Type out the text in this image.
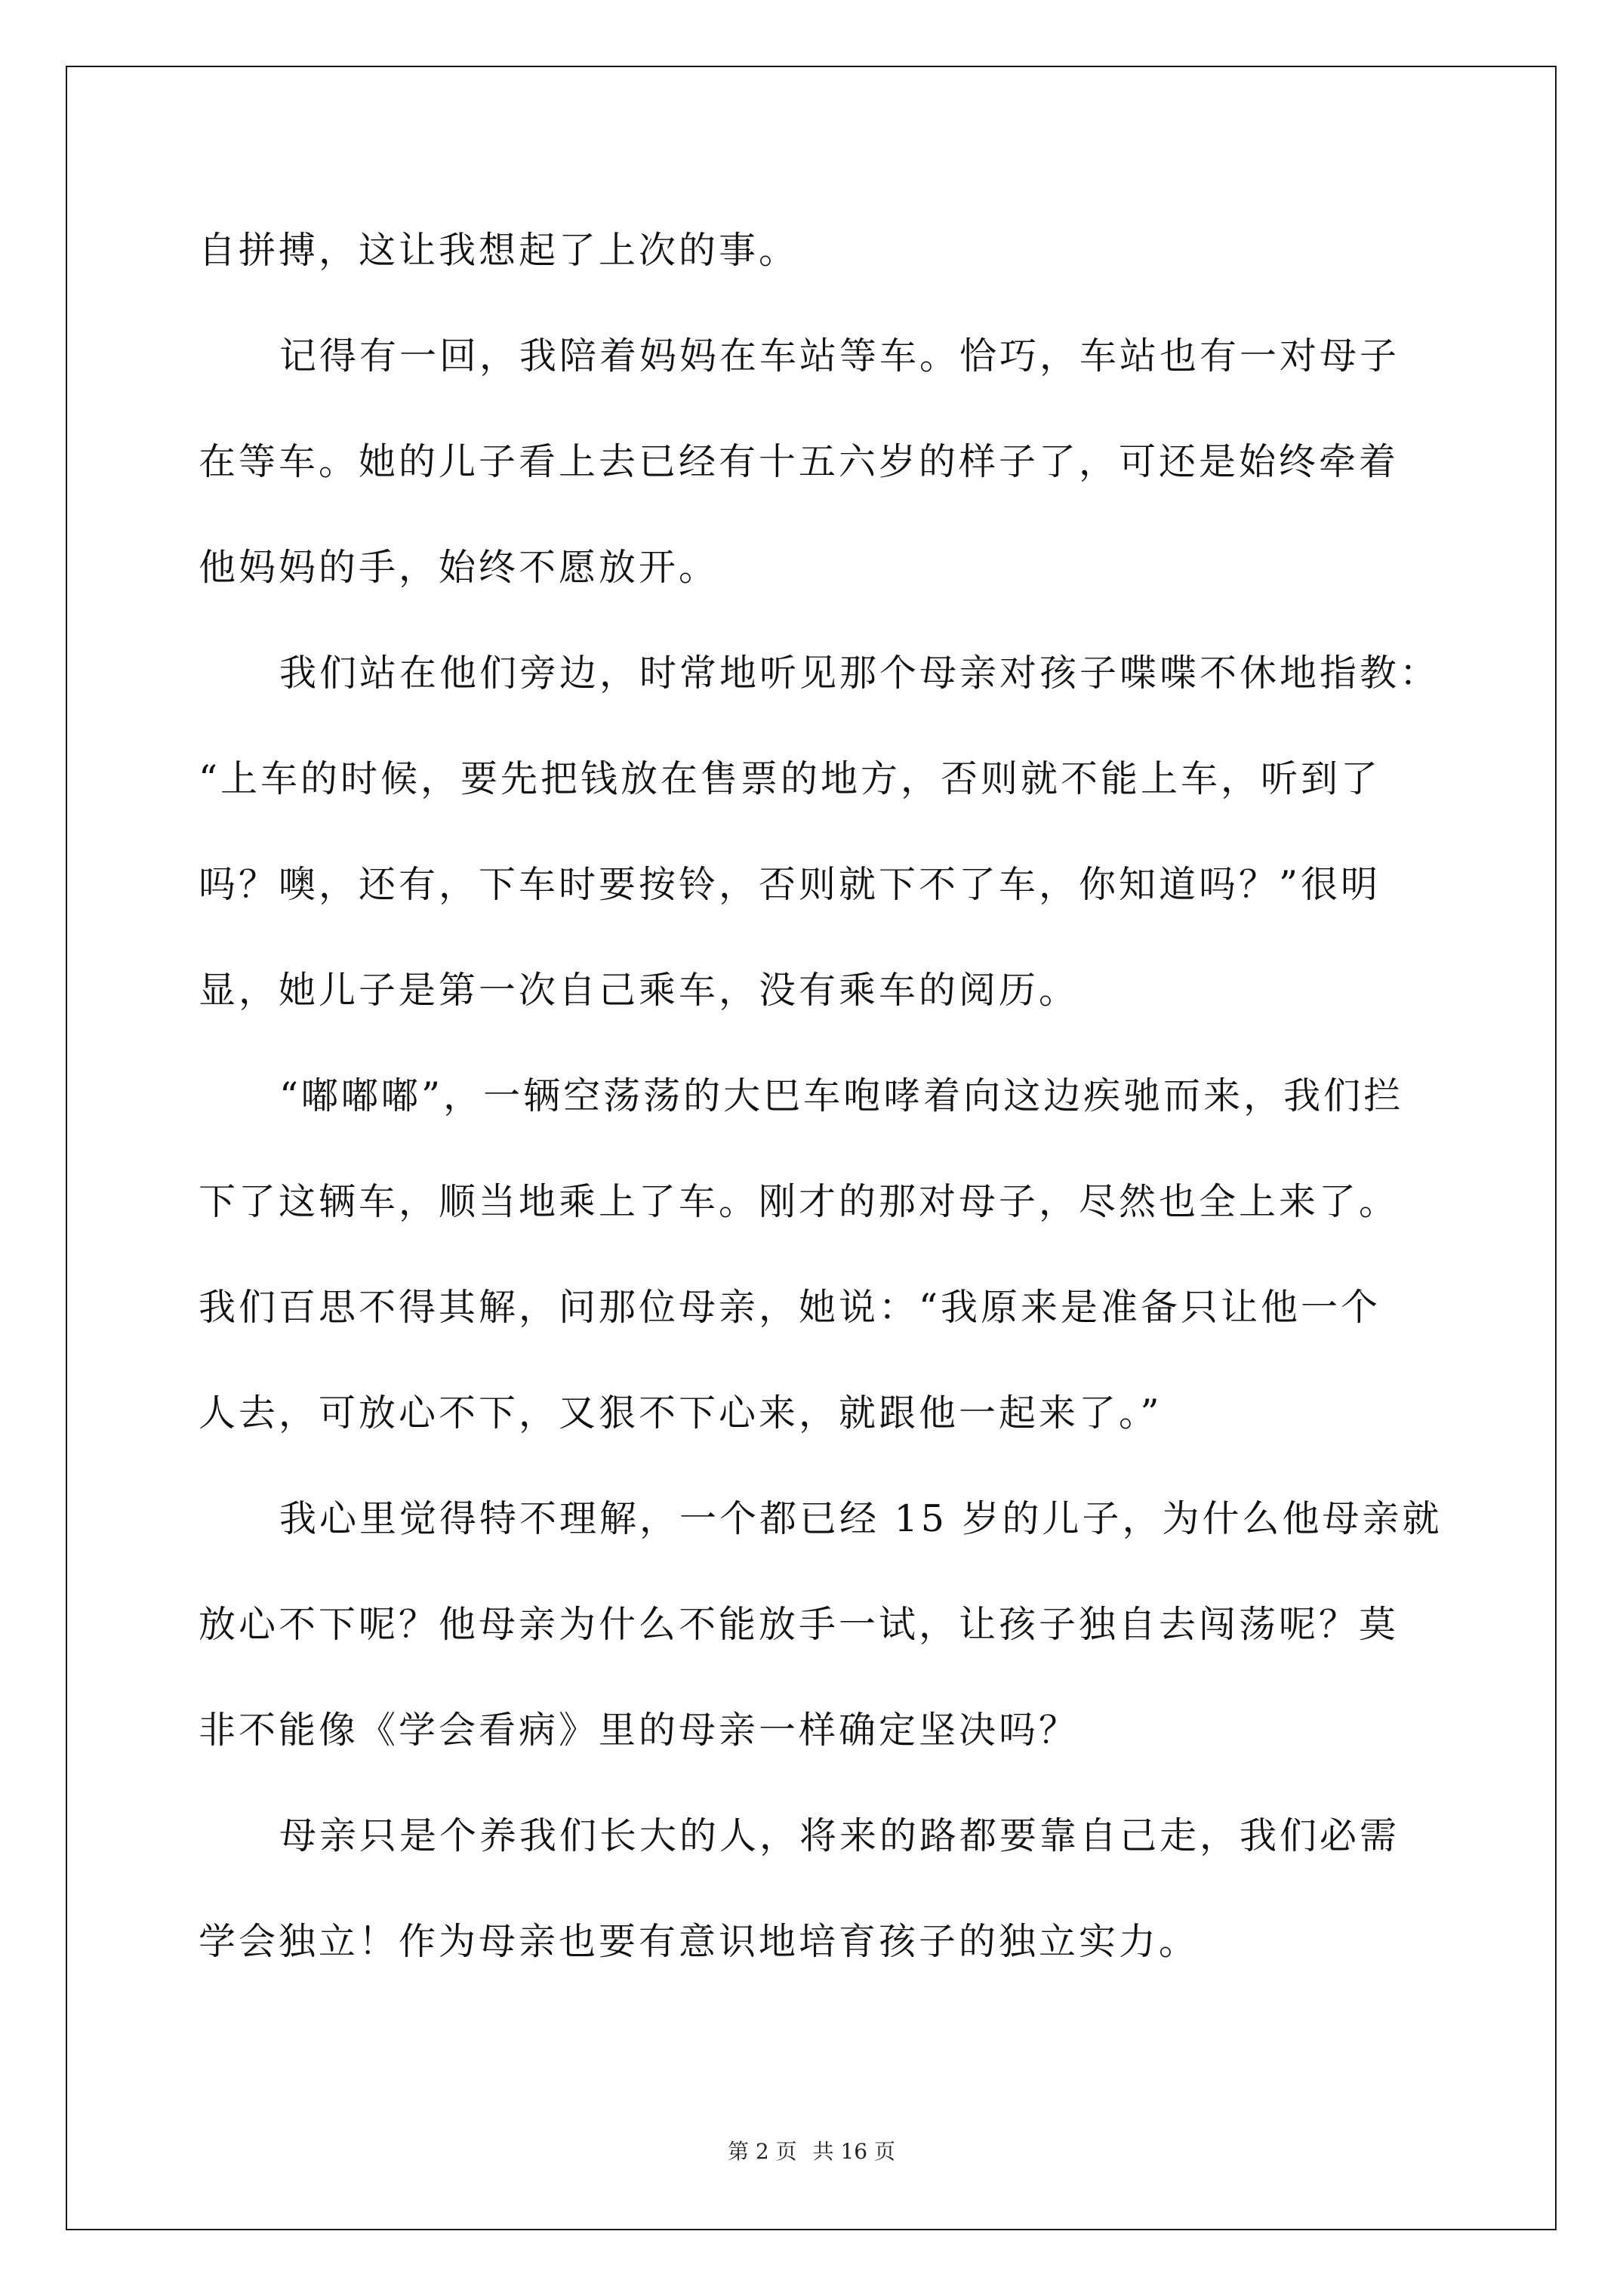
自拼搏，这让我想起了上次的事。
记得有一回，我陪着妈妈在车站等车。恰巧，车站也有一对母子
在等车。她的儿子看上去已经有十五六岁的样子了，可还是始终牵着
他妈妈的手，始终不愿放开。
我们站在他们旁边，时常地听见那个母亲对孩子喋喋不休地指教：
“上车的时候，要先把钱放在售票的地方，否则就不能上车，听到了
吗？噢，还有，下车时要按铃，否则就下不了车，你知道吗？”很明
显，她儿子是第一次自己乘车，没有乘车的阅历。
“嘟嘟嘟”，一辆空荡荡的大巴车咆哮着向这边疾驰而来，我们拦
下了这辆车，顺当地乘上了车。刚才的那对母子，尽然也全上来了。
我们百思不得其解，问那位母亲，她说：“我原来是准备只让他一个
人去，可放心不下，又狠不下心来，就跟他一起来了。”
我心里觉得特不理解，一个都已经 15 岁的儿子，为什么他母亲就
放心不下呢？他母亲为什么不能放手一试，让孩子独自去闯荡呢？莫
非不能像《学会看病》里的母亲一样确定坚决吗？
母亲只是个养我们长大的人，将来的路都要靠自己走，我们必需
学会独立！作为母亲也要有意识地培育孩子的独立实力。
第 2 页 共 16 页
